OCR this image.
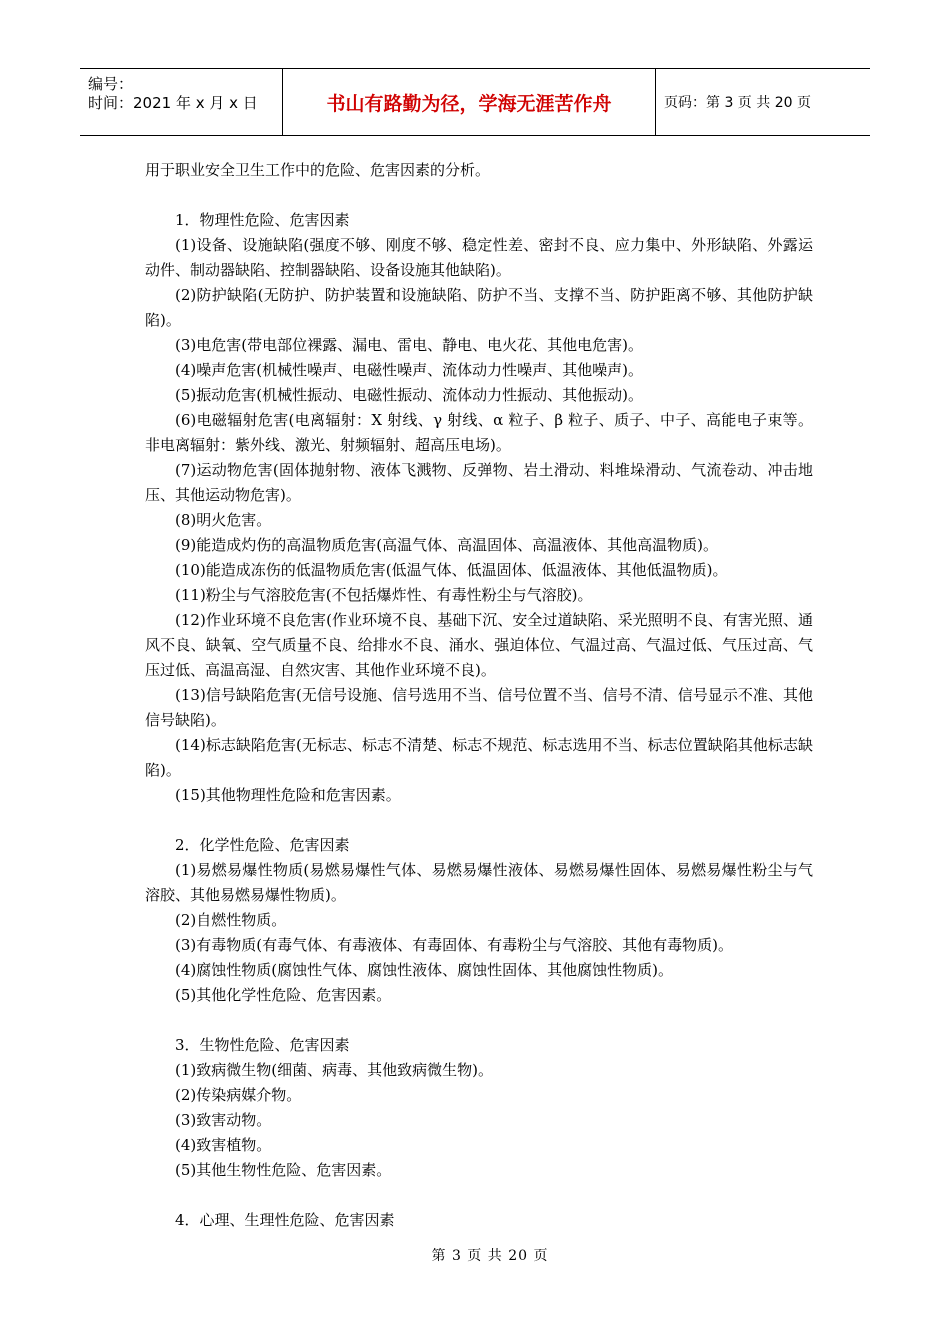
编号：
时间：2021 年 x 月 x 日	书山有路勤为径，学海无涯苦作舟	页码：第 3 页 共 20 页

用于职业安全卫生工作中的危险、危害因素的分析。

1．物理性危险、危害因素

(1)设备、设施缺陷(强度不够、刚度不够、稳定性差、密封不良、应力集中、外形缺陷、外露运动件、制动器缺陷、控制器缺陷、设备设施其他缺陷)。

(2)防护缺陷(无防护、防护装置和设施缺陷、防护不当、支撑不当、防护距离不够、其他防护缺陷)。

(3)电危害(带电部位裸露、漏电、雷电、静电、电火花、其他电危害)。

(4)噪声危害(机械性噪声、电磁性噪声、流体动力性噪声、其他噪声)。

(5)振动危害(机械性振动、电磁性振动、流体动力性振动、其他振动)。

(6)电磁辐射危害(电离辐射：X 射线、γ 射线、α 粒子、β 粒子、质子、中子、高能电子束等。非电离辐射：紫外线、激光、射频辐射、超高压电场)。

(7)运动物危害(固体抛射物、液体飞溅物、反弹物、岩土滑动、料堆垛滑动、气流卷动、冲击地压、其他运动物危害)。

(8)明火危害。

(9)能造成灼伤的高温物质危害(高温气体、高温固体、高温液体、其他高温物质)。

(10)能造成冻伤的低温物质危害(低温气体、低温固体、低温液体、其他低温物质)。

(11)粉尘与气溶胶危害(不包括爆炸性、有毒性粉尘与气溶胶)。

(12)作业环境不良危害(作业环境不良、基础下沉、安全过道缺陷、采光照明不良、有害光照、通风不良、缺氧、空气质量不良、给排水不良、涌水、强迫体位、气温过高、气温过低、气压过高、气压过低、高温高湿、自然灾害、其他作业环境不良)。

(13)信号缺陷危害(无信号设施、信号选用不当、信号位置不当、信号不清、信号显示不准、其他信号缺陷)。

(14)标志缺陷危害(无标志、标志不清楚、标志不规范、标志选用不当、标志位置缺陷其他标志缺陷)。

(15)其他物理性危险和危害因素。

2．化学性危险、危害因素

(1)易燃易爆性物质(易燃易爆性气体、易燃易爆性液体、易燃易爆性固体、易燃易爆性粉尘与气溶胶、其他易燃易爆性物质)。

(2)自燃性物质。

(3)有毒物质(有毒气体、有毒液体、有毒固体、有毒粉尘与气溶胶、其他有毒物质)。

(4)腐蚀性物质(腐蚀性气体、腐蚀性液体、腐蚀性固体、其他腐蚀性物质)。

(5)其他化学性危险、危害因素。

3．生物性危险、危害因素

(1)致病微生物(细菌、病毒、其他致病微生物)。

(2)传染病媒介物。

(3)致害动物。

(4)致害植物。

(5)其他生物性危险、危害因素。

4．心理、生理性危险、危害因素

第 3 页 共 20 页
